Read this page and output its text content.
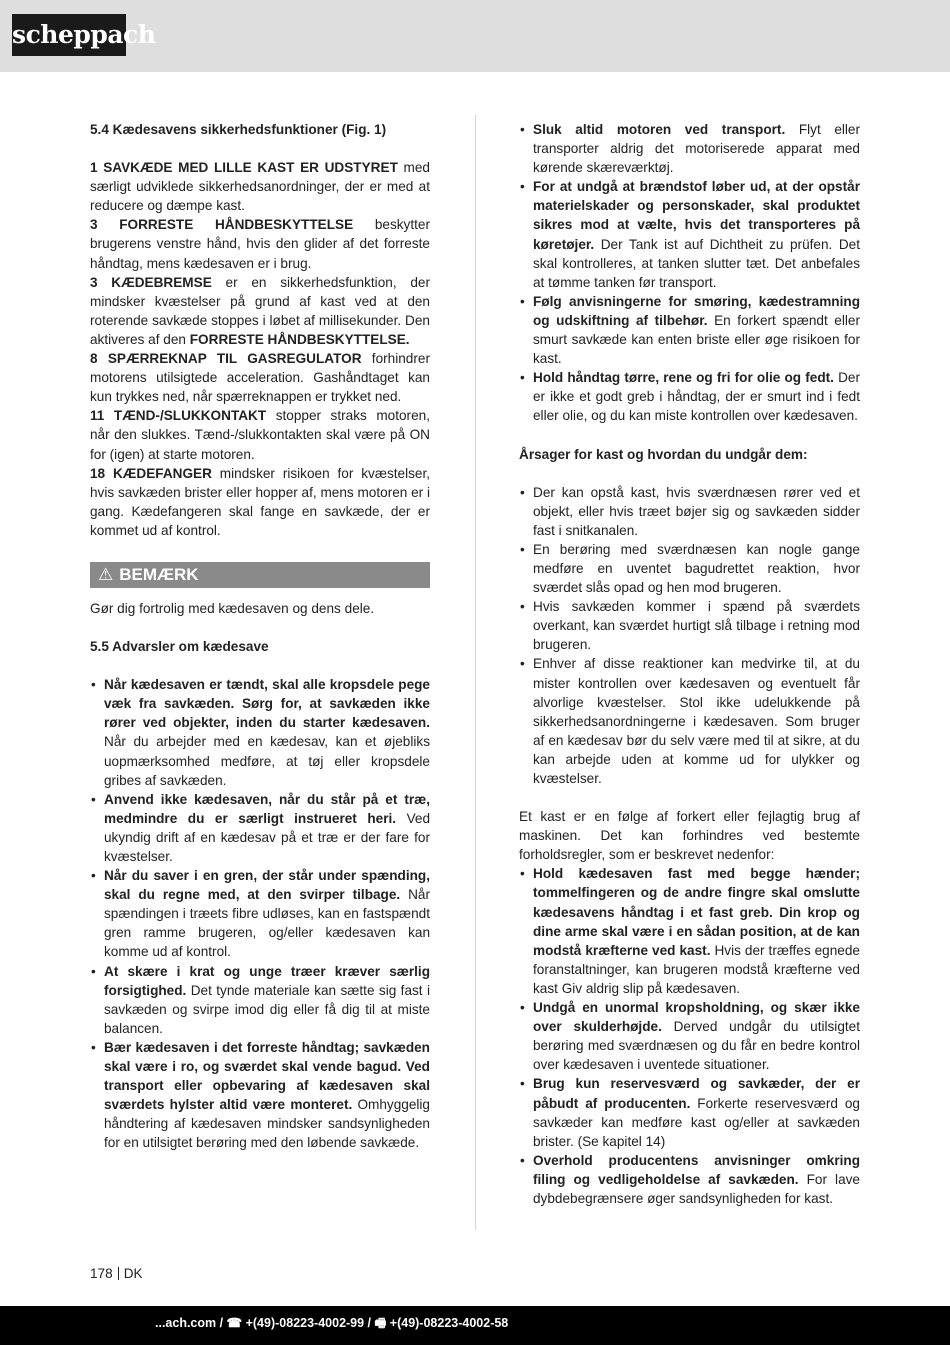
scheppach

5.4 Kædesavens sikkerhedsfunktioner (Fig. 1)

1 SAVKÆDE MED LILLE KAST ER UDSTYRET med særligt udviklede sikkerhedsanordninger, der er med at reducere og dæmpe kast.

3 FORRESTE HÅNDBESKYTTELSE beskytter brugerens venstre hånd, hvis den glider af det forreste håndtag, mens kædesaven er i brug.

3 KÆDEBREMSE er en sikkerhedsfunktion, der mindsker kvæstelser på grund af kast ved at den roterende savkæde stoppes i løbet af millisekunder. Den aktiveres af den FORRESTE HÅNDBESKYTTELSE.

8 SPÆRREKNAP TIL GASREGULATOR forhindrer motorens utilsigtede acceleration. Gashåndtaget kan kun trykkes ned, når spærreknappen er trykket ned.

11 TÆND-/SLUKKONTAKT stopper straks motoren, når den slukkes. Tænd-/slukkontakten skal være på ON for (igen) at starte motoren.

18 KÆDEFANGER mindsker risikoen for kvæstelser, hvis savkæden brister eller hopper af, mens motoren er i gang. Kædefangeren skal fange en savkæde, der er kommet ud af kontrol.

⚠ BEMÆRK

Gør dig fortrolig med kædesaven og dens dele.

5.5 Advarsler om kædesave

• Når kædesaven er tændt, skal alle kropsdele pege væk fra savkæden. Sørg for, at savkæden ikke rører ved objekter, inden du starter kædesaven. Når du arbejder med en kædesav, kan et øjebliks uopmærksomhed medføre, at tøj eller kropsdele gribes af savkæden.
• Anvend ikke kædesaven, når du står på et træ, medmindre du er særligt instrueret heri. Ved ukyndig drift af en kædesav på et træ er der fare for kvæstelser.
• Når du saver i en gren, der står under spænding, skal du regne med, at den svirper tilbage. Når spændingen i træets fibre udløses, kan en fastspændt gren ramme brugeren, og/eller kædesaven kan komme ud af kontrol.
• At skære i krat og unge træer kræver særlig forsigtighed. Det tynde materiale kan sætte sig fast i savkæden og svirpe imod dig eller få dig til at miste balancen.
• Bær kædesaven i det forreste håndtag; savkæden skal være i ro, og sværdet skal vende bagud. Ved transport eller opbevaring af kædesaven skal sværdets hylster altid være monteret. Omhyggelig håndtering af kædesaven mindsker sandsynligheden for en utilsigtet berøring med den løbende savkæde.
• Sluk altid motoren ved transport. Flyt eller transporter aldrig det motoriserede apparat med kørende skæreværktøj.
• For at undgå at brændstof løber ud, at der opstår materielskader og personskader, skal produktet sikres mod at vælte, hvis det transporteres på køretøjer. Der Tank ist auf Dichtheit zu prüfen. Det skal kontrolleres, at tanken slutter tæt. Det anbefales at tømme tanken før transport.
• Følg anvisningerne for smøring, kædestramning og udskiftning af tilbehør. En forkert spændt eller smurt savkæde kan enten briste eller øge risikoen for kast.
• Hold håndtag tørre, rene og fri for olie og fedt. Der er ikke et godt greb i håndtag, der er smurt ind i fedt eller olie, og du kan miste kontrollen over kædesaven.

Årsager for kast og hvordan du undgår dem:

• Der kan opstå kast, hvis sværdnæsen rører ved et objekt, eller hvis træet bøjer sig og savkæden sidder fast i snitkanalen.
• En berøring med sværdnæsen kan nogle gange medføre en uventet bagudrettet reaktion, hvor sværdet slås opad og hen mod brugeren.
• Hvis savkæden kommer i spænd på sværdets overkant, kan sværdet hurtigt slå tilbage i retning mod brugeren.
• Enhver af disse reaktioner kan medvirke til, at du mister kontrollen over kædesaven og eventuelt får alvorlige kvæstelser. Stol ikke udelukkende på sikkerhedsanordningerne i kædesaven. Som bruger af en kædesav bør du selv være med til at sikre, at du kan arbejde uden at komme ud for ulykker og kvæstelser.

Et kast er en følge af forkert eller fejlagtig brug af maskinen. Det kan forhindres ved bestemte forholdsregler, som er beskrevet nedenfor:

• Hold kædesaven fast med begge hænder; tommelfingeren og de andre fingre skal omslutte kædesavens håndtag i et fast greb. Din krop og dine arme skal være i en sådan position, at de kan modstå kræfterne ved kast. Hvis der træffes egnede foranstaltninger, kan brugeren modstå kræfterne ved kast Giv aldrig slip på kædesaven.
• Undgå en unormal kropsholdning, og skær ikke over skulderhøjde. Derved undgår du utilsigtet berøring med sværdnæsen og du får en bedre kontrol over kædesaven i uventede situationer.
• Brug kun reservesværd og savkæder, der er påbudt af producenten. Forkerte reservesværd og savkæder kan medføre kast og/eller at savkæden brister. (Se kapitel 14)
• Overhold producentens anvisninger omkring filing og vedligeholdelse af savkæden. For lave dybdebegrænsere øger sandsynligheden for kast.
178 DK
...ach.com / ☎ +(49)-08223-4002-99 / 🖷 +(49)-08223-4002-58
